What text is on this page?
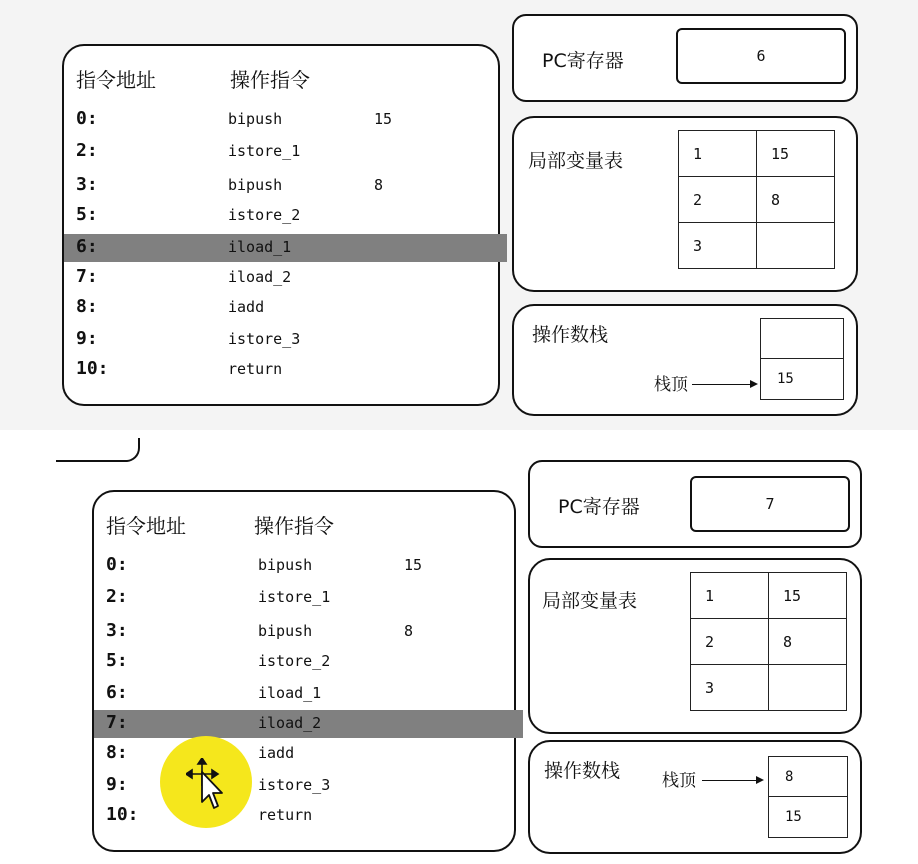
指令地址	操作指令
0:	bipush	15
2:	istore_1
3:	bipush	8
5:	istore_2
6:	iload_1
7:	iload_2
8:	iadd
9:	istore_3
10:	return
PC寄存器	6
局部变量表	1	15
2	8
3	
操作数栈
15
栈顶
指令地址	操作指令
0:	bipush	15
2:	istore_1
3:	bipush	8
5:	istore_2
6:	iload_1
7:	iload_2
8:	iadd
9:	istore_3
10:	return
PC寄存器	7
局部变量表	1	15
2	8
3	
操作数栈 栈顶	8
15
